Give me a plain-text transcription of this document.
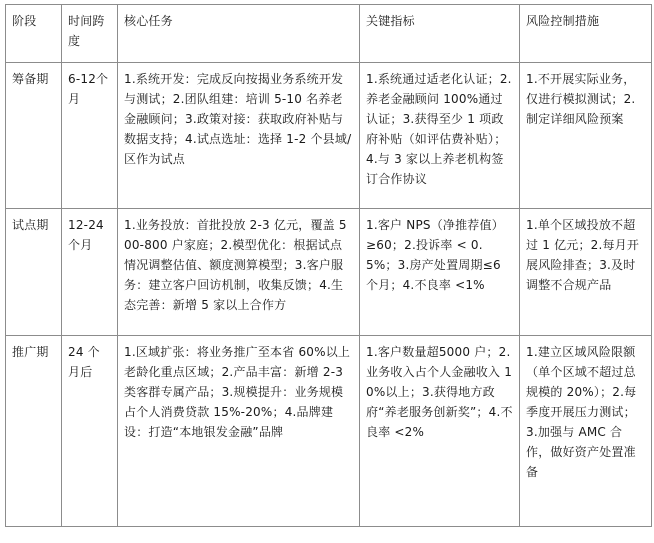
阶段	时间跨度	核心任务	关键指标	风险控制措施
筹备期	6-12个月	1.系统开发：完成反向按揭业务系统开发与测试；2.团队组建：培训 5-10 名养老金融顾问；3.政策对接：获取政府补贴与数据支持；4.试点选址：选择 1-2 个县域/区作为试点	1.系统通过适老化认证；2.养老金融顾问 100%通过认证；3.获得至少 1 项政府补贴（如评估费补贴）；4.与 3 家以上养老机构签订合作协议	1.不开展实际业务，仅进行模拟测试；2.制定详细风险预案
试点期	12-24个月	1.业务投放：首批投放 2-3 亿元，覆盖 500-800 户家庭；2.模型优化：根据试点情况调整估值、额度测算模型；3.客户服务：建立客户回访机制，收集反馈；4.生态完善：新增 5 家以上合作方	1.客户 NPS（净推荐值）≥60；2.投诉率 < 0.5%；3.房产处置周期≤6 个月；4.不良率 <1%	1.单个区域投放不超过 1 亿元；2.每月开展风险排查；3.及时调整不合规产品
推广期	24 个月后	1.区域扩张：将业务推广至本省 60%以上老龄化重点区域；2.产品丰富：新增 2-3 类客群专属产品；3.规模提升：业务规模占个人消费贷款 15%-20%；4.品牌建设：打造“本地银发金融”品牌	1.客户数量超5000 户；2.业务收入占个人金融收入 10%以上；3.获得地方政府“养老服务创新奖”；4.不良率 <2%	1.建立区域风险限额（单个区域不超过总规模的 20%）；2.每季度开展压力测试；3.加强与 AMC 合作，做好资产处置准备
